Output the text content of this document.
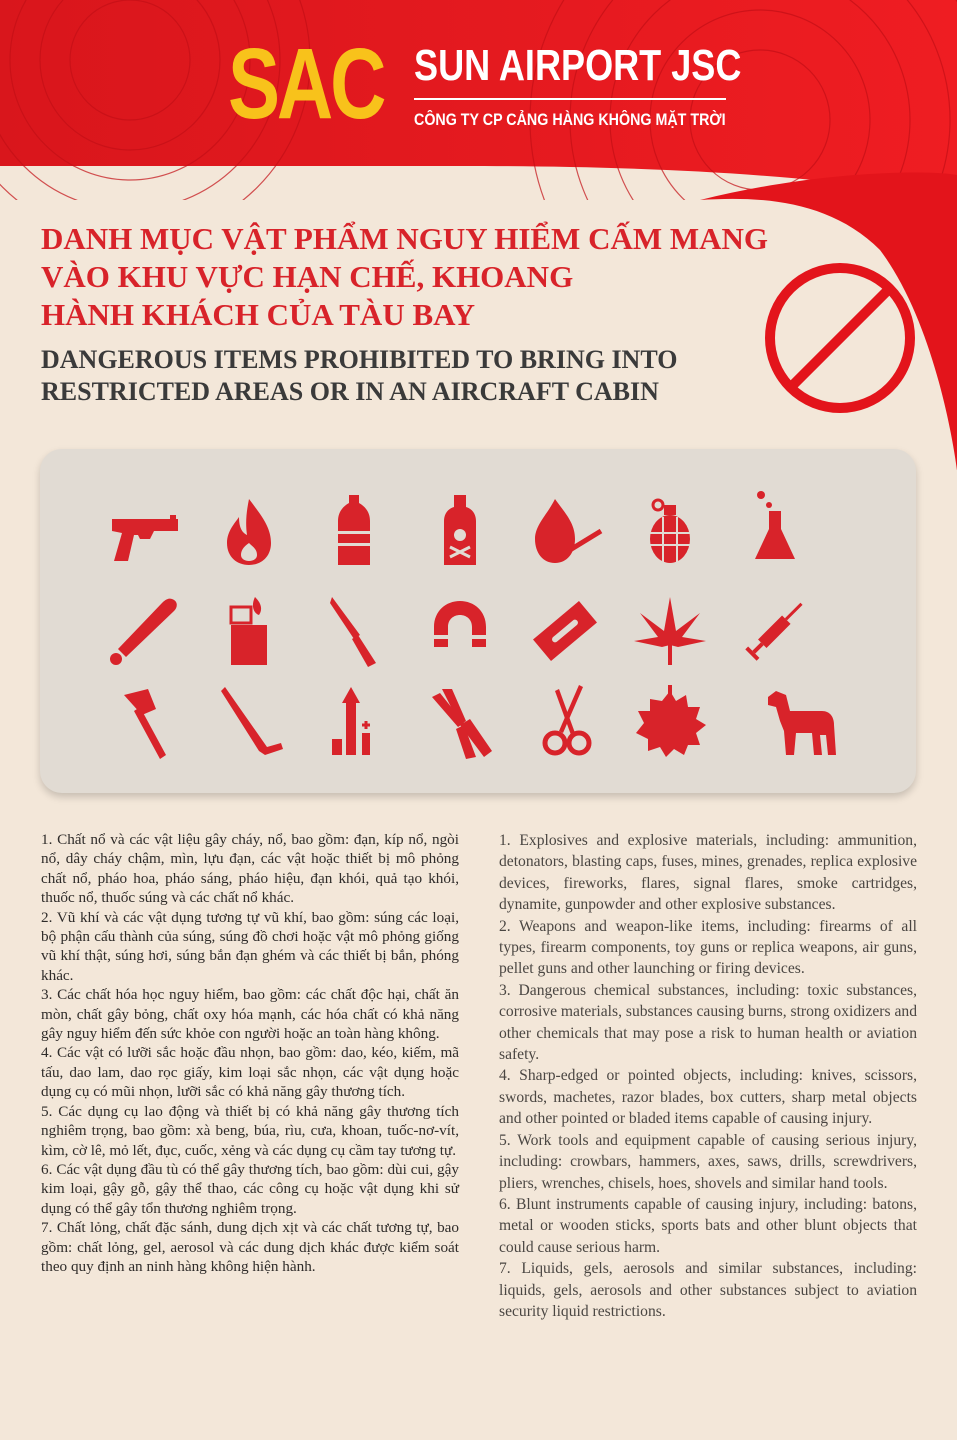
SAC SUN AIRPORT JSC
CÔNG TY CP CẢNG HÀNG KHÔNG MẶT TRỜI
DANH MỤC VẬT PHẨM NGUY HIỂM CẤM MANG
VÀO KHU VỰC HẠN CHẾ, KHOANG
HÀNH KHÁCH CỦA TÀU BAY
DANGEROUS ITEMS PROHIBITED TO BRING INTO
RESTRICTED AREAS OR IN AN AIRCRAFT CABIN

1. Chất nổ và các vật liệu gây cháy, nổ, bao gồm: đạn, kíp nổ, ngòi nổ, dây cháy chậm, mìn, lựu đạn, các vật hoặc thiết bị mô phỏng chất nổ, pháo hoa, pháo sáng, pháo hiệu, đạn khói, quả tạo khói, thuốc nổ, thuốc súng và các chất nổ khác.

2. Vũ khí và các vật dụng tương tự vũ khí, bao gồm: súng các loại, bộ phận cấu thành của súng, súng đồ chơi hoặc vật mô phỏng giống vũ khí thật, súng hơi, súng bắn đạn ghém và các thiết bị bắn, phóng khác.

3. Các chất hóa học nguy hiểm, bao gồm: các chất độc hại, chất ăn mòn, chất gây bỏng, chất oxy hóa mạnh, các hóa chất có khả năng gây nguy hiểm đến sức khỏe con người hoặc an toàn hàng không.

4. Các vật có lưỡi sắc hoặc đầu nhọn, bao gồm: dao, kéo, kiếm, mã tấu, dao lam, dao rọc giấy, kim loại sắc nhọn, các vật dụng hoặc dụng cụ có mũi nhọn, lưỡi sắc có khả năng gây thương tích.

5. Các dụng cụ lao động và thiết bị có khả năng gây thương tích nghiêm trọng, bao gồm: xà beng, búa, rìu, cưa, khoan, tuốc-nơ-vít, kìm, cờ lê, mỏ lết, đục, cuốc, xẻng và các dụng cụ cầm tay tương tự.

6. Các vật dụng đầu tù có thể gây thương tích, bao gồm: dùi cui, gậy kim loại, gậy gỗ, gậy thể thao, các công cụ hoặc vật dụng khi sử dụng có thể gây tổn thương nghiêm trọng.

7. Chất lỏng, chất đặc sánh, dung dịch xịt và các chất tương tự, bao gồm: chất lỏng, gel, aerosol và các dung dịch khác được kiểm soát theo quy định an ninh hàng không hiện hành.

1. Explosives and explosive materials, including: ammunition, detonators, blasting caps, fuses, mines, grenades, replica explosive devices, fireworks, flares, signal flares, smoke cartridges, dynamite, gunpowder and other explosive substances.

2. Weapons and weapon-like items, including: firearms of all types, firearm components, toy guns or replica weapons, air guns, pellet guns and other launching or firing devices.

3. Dangerous chemical substances, including: toxic substances, corrosive materials, substances causing burns, strong oxidizers and other chemicals that may pose a risk to human health or aviation safety.

4. Sharp-edged or pointed objects, including: knives, scissors, swords, machetes, razor blades, box cutters, sharp metal objects and other pointed or bladed items capable of causing injury.

5. Work tools and equipment capable of causing serious injury, including: crowbars, hammers, axes, saws, drills, screwdrivers, pliers, wrenches, chisels, hoes, shovels and similar hand tools.

6. Blunt instruments capable of causing injury, including: batons, metal or wooden sticks, sports bats and other blunt objects that could cause serious harm.

7. Liquids, gels, aerosols and similar substances, including: liquids, gels, aerosols and other substances subject to aviation security liquid restrictions.
